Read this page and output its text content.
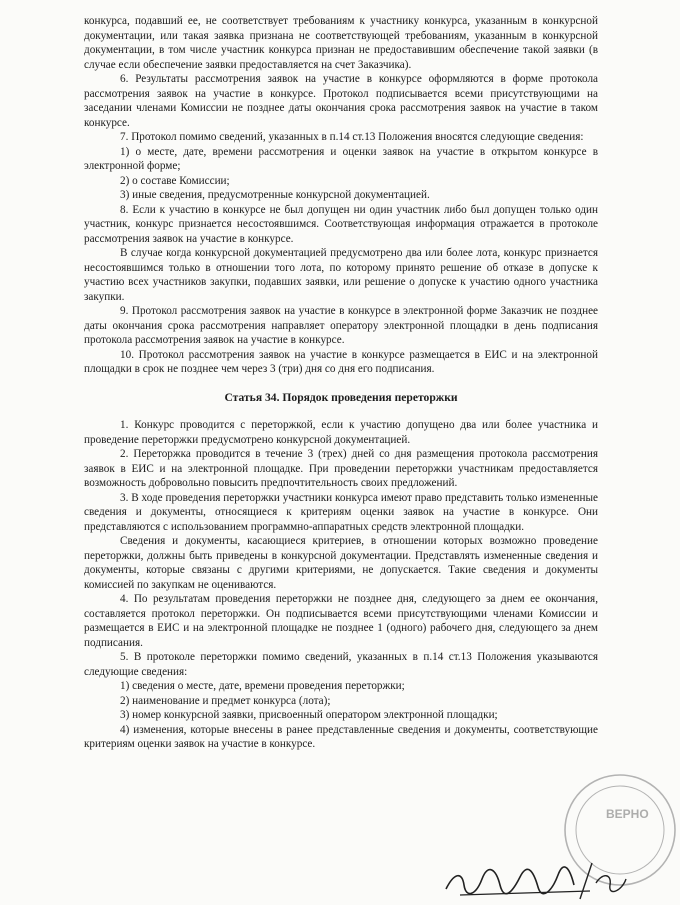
конкурса, подавший ее, не соответствует требованиям к участнику конкурса, указанным в конкурсной документации, или такая заявка признана не соответствующей требованиям, указанным в конкурсной документации, в том числе участник конкурса признан не предоставившим обеспечение такой заявки (в случае если обеспечение заявки предоставляется на счет Заказчика).

6. Результаты рассмотрения заявок на участие в конкурсе оформляются в форме протокола рассмотрения заявок на участие в конкурсе. Протокол подписывается всеми присутствующими на заседании членами Комиссии не позднее даты окончания срока рассмотрения заявок на участие в таком конкурсе.

7. Протокол помимо сведений, указанных в п.14 ст.13 Положения вносятся следующие сведения:

1) о месте, дате, времени рассмотрения и оценки заявок на участие в открытом конкурсе в электронной форме;

2) о составе Комиссии;

3) иные сведения, предусмотренные конкурсной документацией.

8. Если к участию в конкурсе не был допущен ни один участник либо был допущен только один участник, конкурс признается несостоявшимся. Соответствующая информация отражается в протоколе рассмотрения заявок на участие в конкурсе.

В случае когда конкурсной документацией предусмотрено два или более лота, конкурс признается несостоявшимся только в отношении того лота, по которому принято решение об отказе в допуске к участию всех участников закупки, подавших заявки, или решение о допуске к участию одного участника закупки.

9. Протокол рассмотрения заявок на участие в конкурсе в электронной форме Заказчик не позднее даты окончания срока рассмотрения направляет оператору электронной площадки в день подписания протокола рассмотрения заявок на участие в конкурсе.

10. Протокол рассмотрения заявок на участие в конкурсе размещается в ЕИС и на электронной площадки в срок не позднее чем через 3 (три) дня со дня его подписания.

Статья 34. Порядок проведения переторжки

1. Конкурс проводится с переторжкой, если к участию допущено два или более участника и проведение переторжки предусмотрено конкурсной документацией.

2. Переторжка проводится в течение 3 (трех) дней со дня размещения протокола рассмотрения заявок в ЕИС и на электронной площадке. При проведении переторжки участникам предоставляется возможность добровольно повысить предпочтительность своих предложений.

3. В ходе проведения переторжки участники конкурса имеют право представить только измененные сведения и документы, относящиеся к критериям оценки заявок на участие в конкурсе. Они представляются с использованием программно-аппаратных средств электронной площадки.

Сведения и документы, касающиеся критериев, в отношении которых возможно проведение переторжки, должны быть приведены в конкурсной документации. Представлять измененные сведения и документы, которые связаны с другими критериями, не допускается. Такие сведения и документы комиссией по закупкам не оцениваются.

4. По результатам проведения переторжки не позднее дня, следующего за днем ее окончания, составляется протокол переторжки. Он подписывается всеми присутствующими членами Комиссии и размещается в ЕИС и на электронной площадке не позднее 1 (одного) рабочего дня, следующего за днем подписания.

5. В протоколе переторжки помимо сведений, указанных в п.14 ст.13 Положения указываются следующие сведения:

1) сведения о месте, дате, времени проведения переторжки;

2) наименование и предмет конкурса (лота);

3) номер конкурсной заявки, присвоенный оператором электронной площадки;

4) изменения, которые внесены в ранее представленные сведения и документы, соответствующие критериям оценки заявок на участие в конкурсе.

ВЕРНО
